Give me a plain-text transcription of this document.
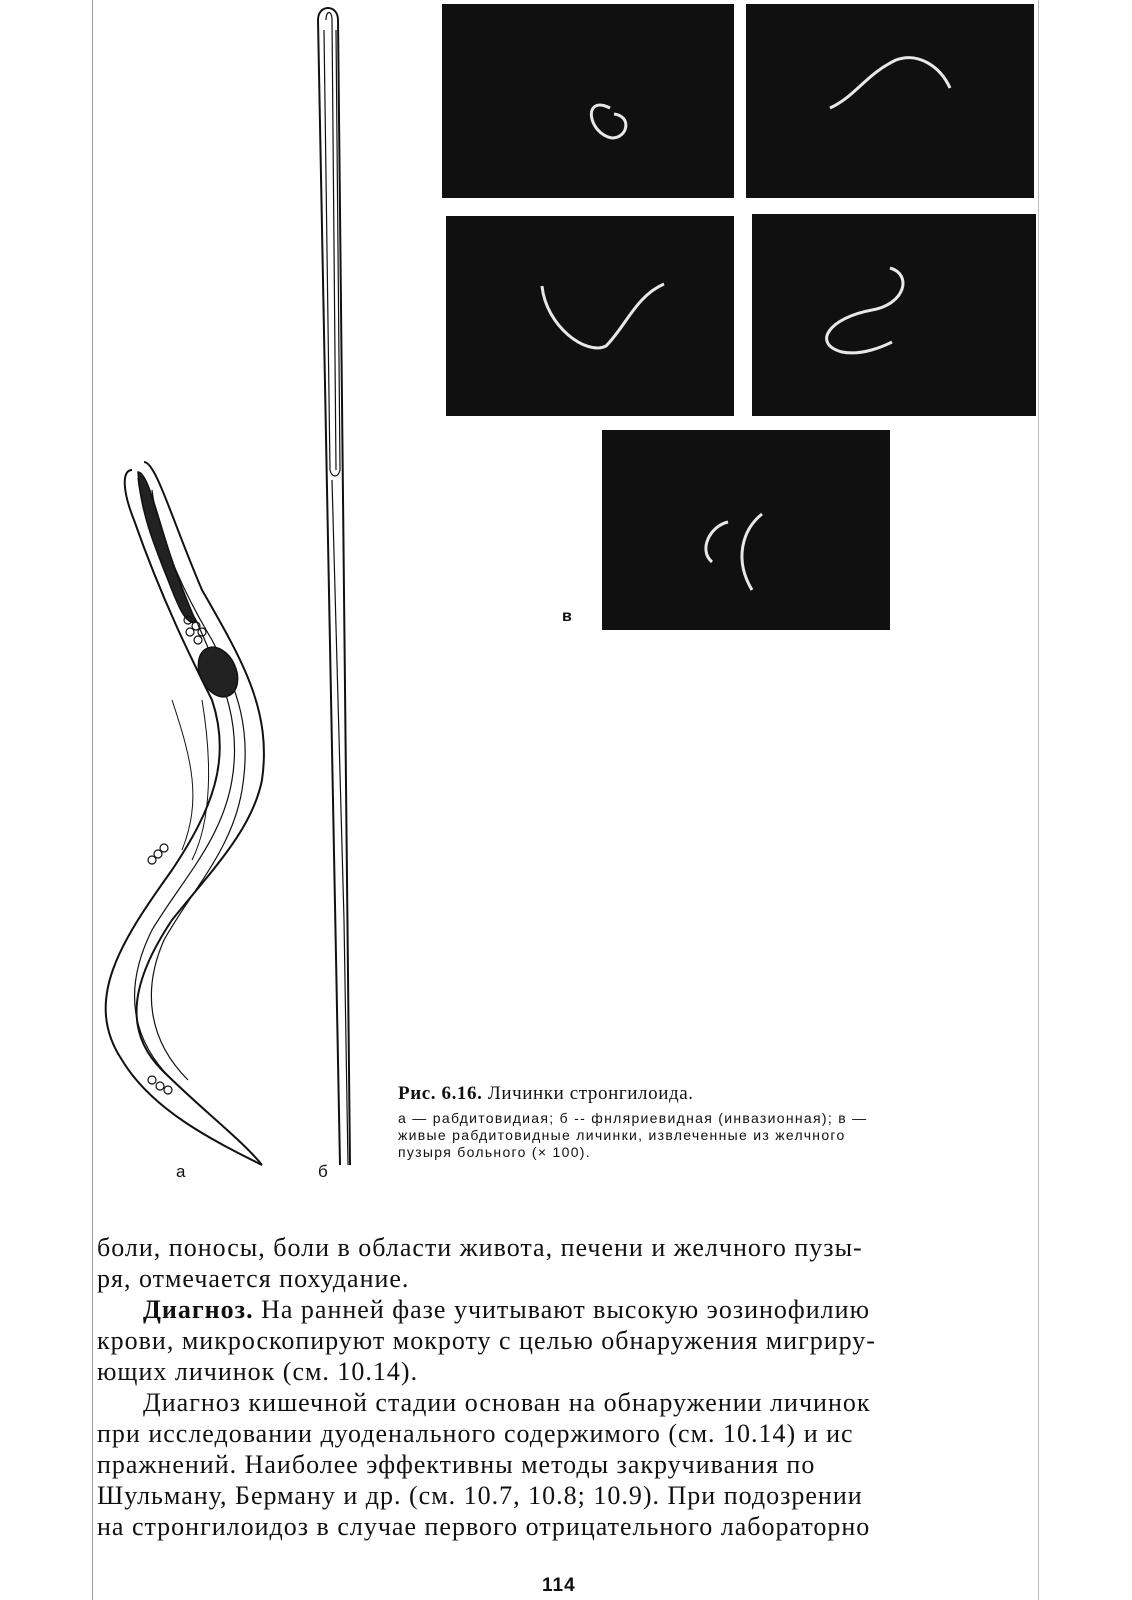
а	б
в
Рис. 6.16. Личинки стронгилоида.
а — рабдитовидиая; б -- фнляриевидная (инвазионная); в —
живые рабдитовидные личинки, извлеченные из желчного
пузыря больного (× 100).
боли, поносы, боли в области живота, печени и желчного пузы-
ря, отмечается похудание.
Диагноз. На ранней фазе учитывают высокую эозинофилию
крови, микроскопируют мокроту с целью обнаружения мигриру-
ющих личинок (см. 10.14).
Диагноз кишечной стадии основан на обнаружении личинок
при исследовании дуоденального содержимого (см. 10.14) и ис
пражнений. Наиболее эффективны методы закручивания по
Шульману, Берману и др. (см. 10.7, 10.8; 10.9). При подозрении
на стронгилоидоз в случае первого отрицательного лабораторно
114
